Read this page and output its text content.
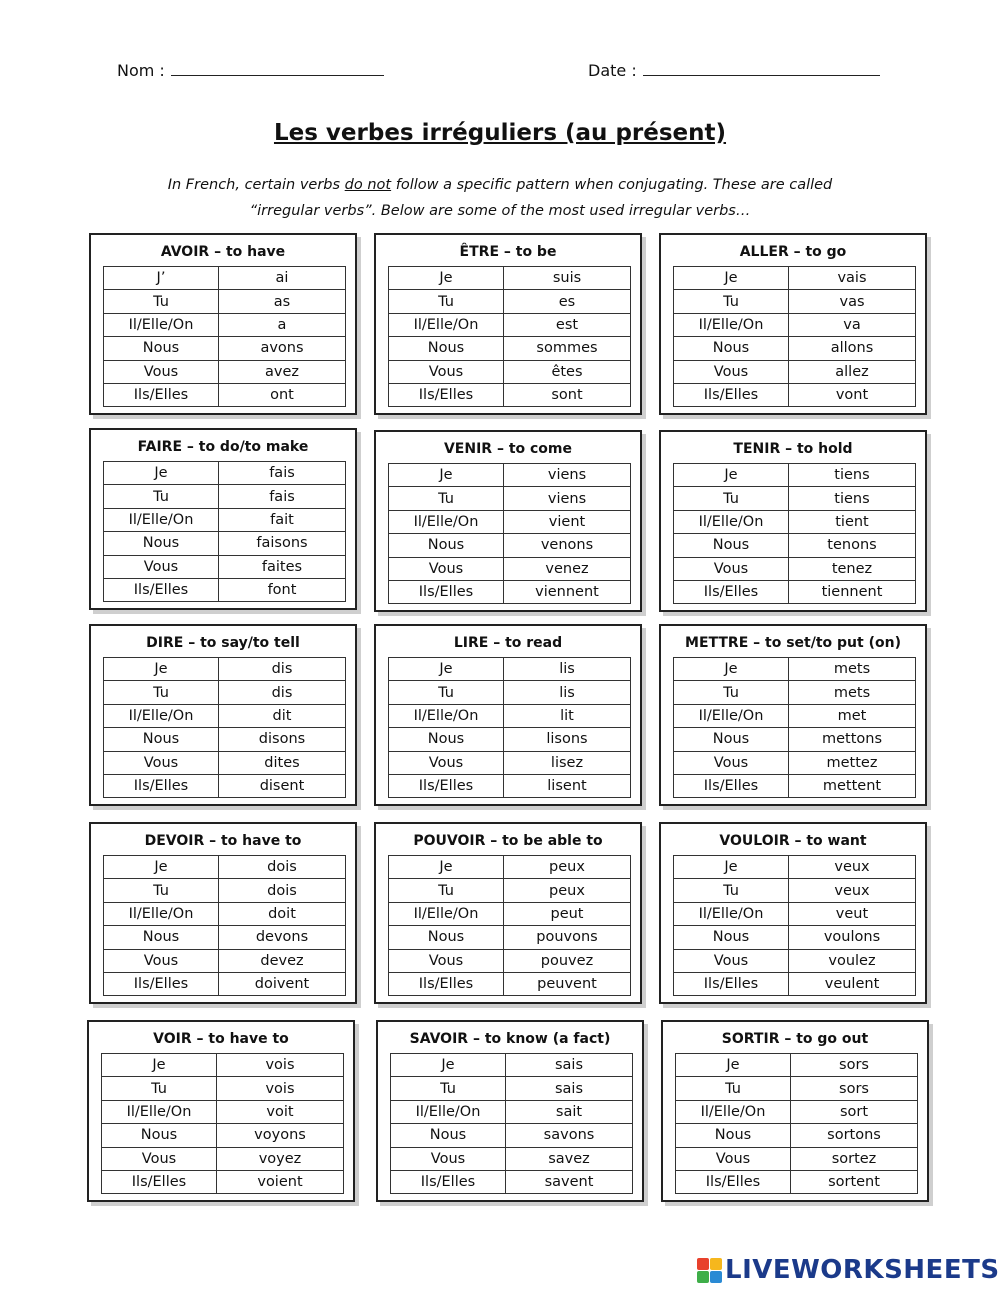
Nom :	Date :
Les verbes irréguliers (au présent)
In French, certain verbs do not follow a specific pattern when conjugating. These are called
“irregular verbs”. Below are some of the most used irregular verbs…
AVOIR – to have
J’	ai
Tu	as
Il/Elle/On	a
Nous	avons
Vous	avez
Ils/Elles	ont
ÊTRE – to be
Je	suis
Tu	es
Il/Elle/On	est
Nous	sommes
Vous	êtes
Ils/Elles	sont
ALLER – to go
Je	vais
Tu	vas
Il/Elle/On	va
Nous	allons
Vous	allez
Ils/Elles	vont
FAIRE – to do/to make
Je	fais
Tu	fais
Il/Elle/On	fait
Nous	faisons
Vous	faites
Ils/Elles	font
VENIR – to come
Je	viens
Tu	viens
Il/Elle/On	vient
Nous	venons
Vous	venez
Ils/Elles	viennent
TENIR – to hold
Je	tiens
Tu	tiens
Il/Elle/On	tient
Nous	tenons
Vous	tenez
Ils/Elles	tiennent
DIRE – to say/to tell
Je	dis
Tu	dis
Il/Elle/On	dit
Nous	disons
Vous	dites
Ils/Elles	disent
LIRE – to read
Je	lis
Tu	lis
Il/Elle/On	lit
Nous	lisons
Vous	lisez
Ils/Elles	lisent
METTRE – to set/to put (on)
Je	mets
Tu	mets
Il/Elle/On	met
Nous	mettons
Vous	mettez
Ils/Elles	mettent
DEVOIR – to have to
Je	dois
Tu	dois
Il/Elle/On	doit
Nous	devons
Vous	devez
Ils/Elles	doivent
POUVOIR – to be able to
Je	peux
Tu	peux
Il/Elle/On	peut
Nous	pouvons
Vous	pouvez
Ils/Elles	peuvent
VOULOIR – to want
Je	veux
Tu	veux
Il/Elle/On	veut
Nous	voulons
Vous	voulez
Ils/Elles	veulent
VOIR – to have to
Je	vois
Tu	vois
Il/Elle/On	voit
Nous	voyons
Vous	voyez
Ils/Elles	voient
SAVOIR – to know (a fact)
Je	sais
Tu	sais
Il/Elle/On	sait
Nous	savons
Vous	savez
Ils/Elles	savent
SORTIR – to go out
Je	sors
Tu	sors
Il/Elle/On	sort
Nous	sortons
Vous	sortez
Ils/Elles	sortent
LIVEWORKSHEETS
